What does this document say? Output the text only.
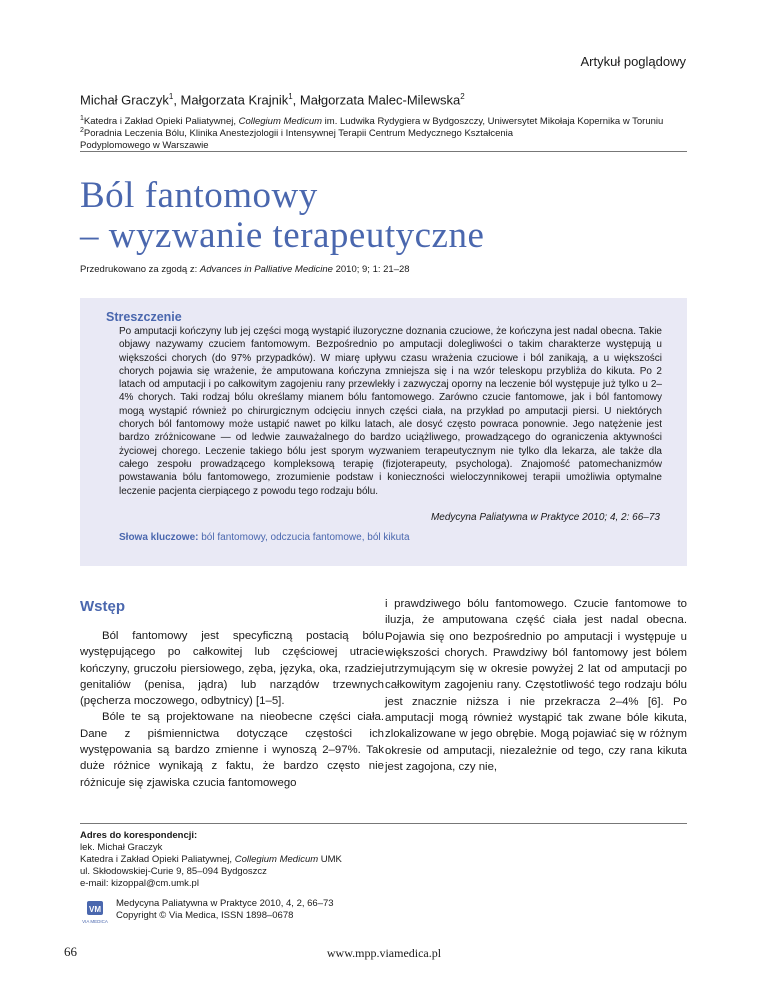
Artykuł poglądowy
Michał Graczyk$^1$, Małgorzata Krajnik$^1$, Małgorzata Malec-Milewska$^2$
$^1$Katedra i Zakład Opieki Paliatywnej, Collegium Medicum im. Ludwika Rydygiera w Bydgoszczy, Uniwersytet Mikołaja Kopernika w Toruniu
$^2$Poradnia Leczenia Bólu, Klinika Anestezjologii i Intensywnej Terapii Centrum Medycznego Kształcenia
Podyplomowego w Warszawie
Ból fantomowy
– wyzwanie terapeutyczne
Przedrukowano za zgodą z: Advances in Palliative Medicine 2010; 9; 1: 21–28
Streszczenie
Po amputacji kończyny lub jej części mogą wystąpić iluzoryczne doznania czuciowe, że kończyna jest nadal obecna. Takie objawy nazywamy czuciem fantomowym. Bezpośrednio po amputacji dolegliwości o takim charakterze występują u większości chorych (do 97% przypadków). W miarę upływu czasu wrażenia czuciowe i ból zanikają, a u większości chorych pojawia się wrażenie, że amputowana kończyna zmniejsza się i na wzór teleskopu przybliża do kikuta. Po 2 latach od amputacji i po całkowitym zagojeniu rany przewlekły i zazwyczaj oporny na leczenie ból występuje już tylko u 2–4% chorych. Taki rodzaj bólu określamy mianem bólu fantomowego. Zarówno czucie fantomowe, jak i ból fantomowy mogą wystąpić również po chirurgicznym odcięciu innych części ciała, na przykład po amputacji piersi. U niektórych chorych ból fantomowy może ustąpić nawet po kilku latach, ale dosyć często powraca ponownie. Jego natężenie jest bardzo zróżnicowane — od ledwie zauważalnego do bardzo uciążliwego, prowadzącego do ograniczenia aktywności życiowej chorego. Leczenie takiego bólu jest sporym wyzwaniem terapeutycznym nie tylko dla lekarza, ale także dla całego zespołu prowadzącego kompleksową terapię (fizjoterapeuty, psychologa). Znajomość patomechanizmów powstawania bólu fantomowego, zrozumienie podstaw i konieczności wieloczynnikowej terapii umożliwia optymalne leczenie pacjenta cierpiącego z powodu tego rodzaju bólu.
Medycyna Paliatywna w Praktyce 2010; 4, 2: 66–73
Słowa kluczowe: ból fantomowy, odczucia fantomowe, ból kikuta
Wstęp

Ból fantomowy jest specyficzną postacią bólu występującego po całkowitej lub częściowej utracie kończyny, gruczołu piersiowego, zęba, języka, oka, rzadziej genitaliów (penisa, jądra) lub narządów trzewnych (pęcherza moczowego, odbytnicy) [1–5].

Bóle te są projektowane na nieobecne części ciała. Dane z piśmiennictwa dotyczące częstości ich występowania są bardzo zmienne i wynoszą 2–97%. Tak duże różnice wynikają z faktu, że bardzo często nie różnicuje się zjawiska czucia fantomowego

i prawdziwego bólu fantomowego. Czucie fantomowe to iluzja, że amputowana część ciała jest nadal obecna. Pojawia się ono bezpośrednio po amputacji i występuje u większości chorych. Prawdziwy ból fantomowy jest bólem utrzymującym się w okresie powyżej 2 lat od amputacji po całkowitym zagojeniu rany. Częstotliwość tego rodzaju bólu jest znacznie niższa i nie przekracza 2–4% [6]. Po amputacji mogą również wystąpić tak zwane bóle kikuta, zlokalizowane w jego obrębie. Mogą pojawiać się w różnym okresie od amputacji, niezależnie od tego, czy rana kikuta jest zagojona, czy nie,

Adres do korespondencji:
lek. Michał Graczyk
Katedra i Zakład Opieki Paliatywnej, Collegium Medicum UMK
ul. Skłodowskiej-Curie 9, 85–094 Bydgoszcz
e-mail: kizoppal@cm.umk.pl
VM
VIA MEDICA
Medycyna Paliatywna w Praktyce 2010, 4, 2, 66–73
Copyright © Via Medica, ISSN 1898–0678
66	www.mpp.viamedica.pl
